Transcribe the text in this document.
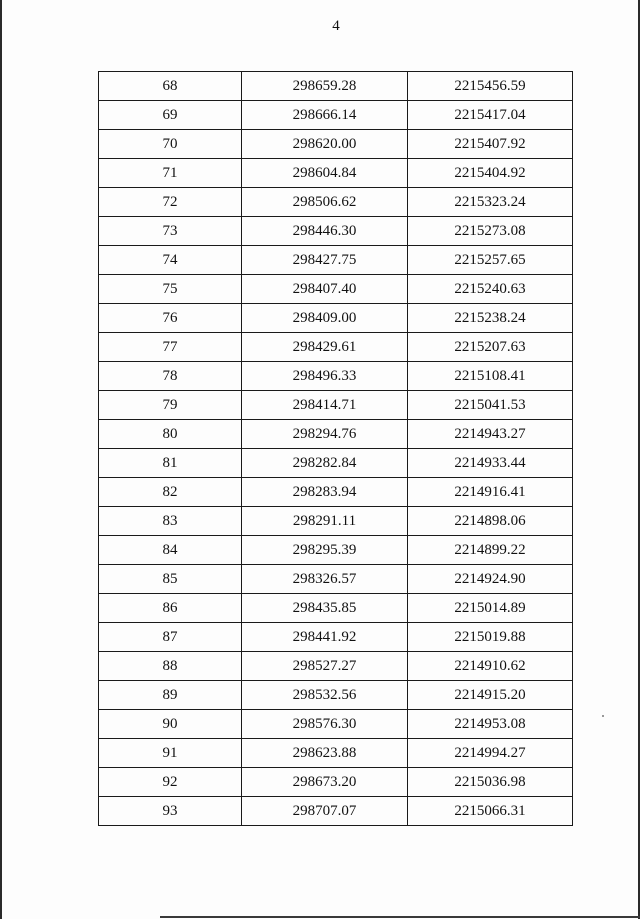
4
68	298659.28	2215456.59
69	298666.14	2215417.04
70	298620.00	2215407.92
71	298604.84	2215404.92
72	298506.62	2215323.24
73	298446.30	2215273.08
74	298427.75	2215257.65
75	298407.40	2215240.63
76	298409.00	2215238.24
77	298429.61	2215207.63
78	298496.33	2215108.41
79	298414.71	2215041.53
80	298294.76	2214943.27
81	298282.84	2214933.44
82	298283.94	2214916.41
83	298291.11	2214898.06
84	298295.39	2214899.22
85	298326.57	2214924.90
86	298435.85	2215014.89
87	298441.92	2215019.88
88	298527.27	2214910.62
89	298532.56	2214915.20
90	298576.30	2214953.08
91	298623.88	2214994.27
92	298673.20	2215036.98
93	298707.07	2215066.31
